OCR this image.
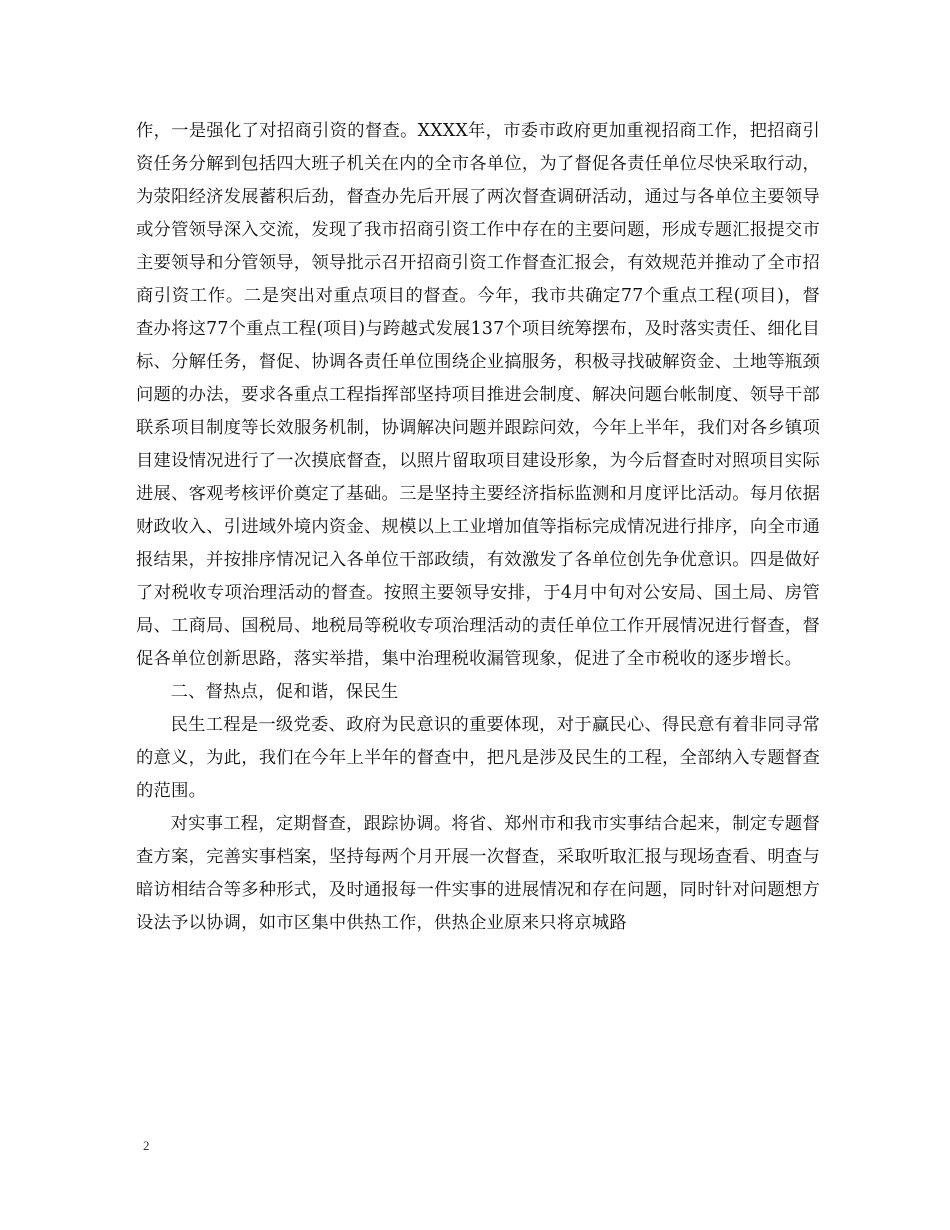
作，一是强化了对招商引资的督查。XXXX年，市委市政府更加重视招商工作，把招商引资任务分解到包括四大班子机关在内的全市各单位，为了督促各责任单位尽快采取行动，为荥阳经济发展蓄积后劲，督查办先后开展了两次督查调研活动，通过与各单位主要领导或分管领导深入交流，发现了我市招商引资工作中存在的主要问题，形成专题汇报提交市主要领导和分管领导，领导批示召开招商引资工作督查汇报会，有效规范并推动了全市招商引资工作。二是突出对重点项目的督查。今年，我市共确定77个重点工程(项目)，督查办将这77个重点工程(项目)与跨越式发展137个项目统筹摆布，及时落实责任、细化目标、分解任务，督促、协调各责任单位围绕企业搞服务，积极寻找破解资金、土地等瓶颈问题的办法，要求各重点工程指挥部坚持项目推进会制度、解决问题台帐制度、领导干部联系项目制度等长效服务机制，协调解决问题并跟踪问效，今年上半年，我们对各乡镇项目建设情况进行了一次摸底督查，以照片留取项目建设形象，为今后督查时对照项目实际进展、客观考核评价奠定了基础。三是坚持主要经济指标监测和月度评比活动。每月依据财政收入、引进域外境内资金、规模以上工业增加值等指标完成情况进行排序，向全市通报结果，并按排序情况记入各单位干部政绩，有效激发了各单位创先争优意识。四是做好了对税收专项治理活动的督查。按照主要领导安排，于4月中旬对公安局、国土局、房管局、工商局、国税局、地税局等税收专项治理活动的责任单位工作开展情况进行督查，督促各单位创新思路，落实举措，集中治理税收漏管现象，促进了全市税收的逐步增长。

二、督热点，促和谐，保民生

民生工程是一级党委、政府为民意识的重要体现，对于赢民心、得民意有着非同寻常的意义，为此，我们在今年上半年的督查中，把凡是涉及民生的工程，全部纳入专题督查的范围。

对实事工程，定期督查，跟踪协调。将省、郑州市和我市实事结合起来，制定专题督查方案，完善实事档案，坚持每两个月开展一次督查，采取听取汇报与现场查看、明查与暗访相结合等多种形式，及时通报每一件实事的进展情况和存在问题，同时针对问题想方设法予以协调，如市区集中供热工作，供热企业原来只将京城路

2
